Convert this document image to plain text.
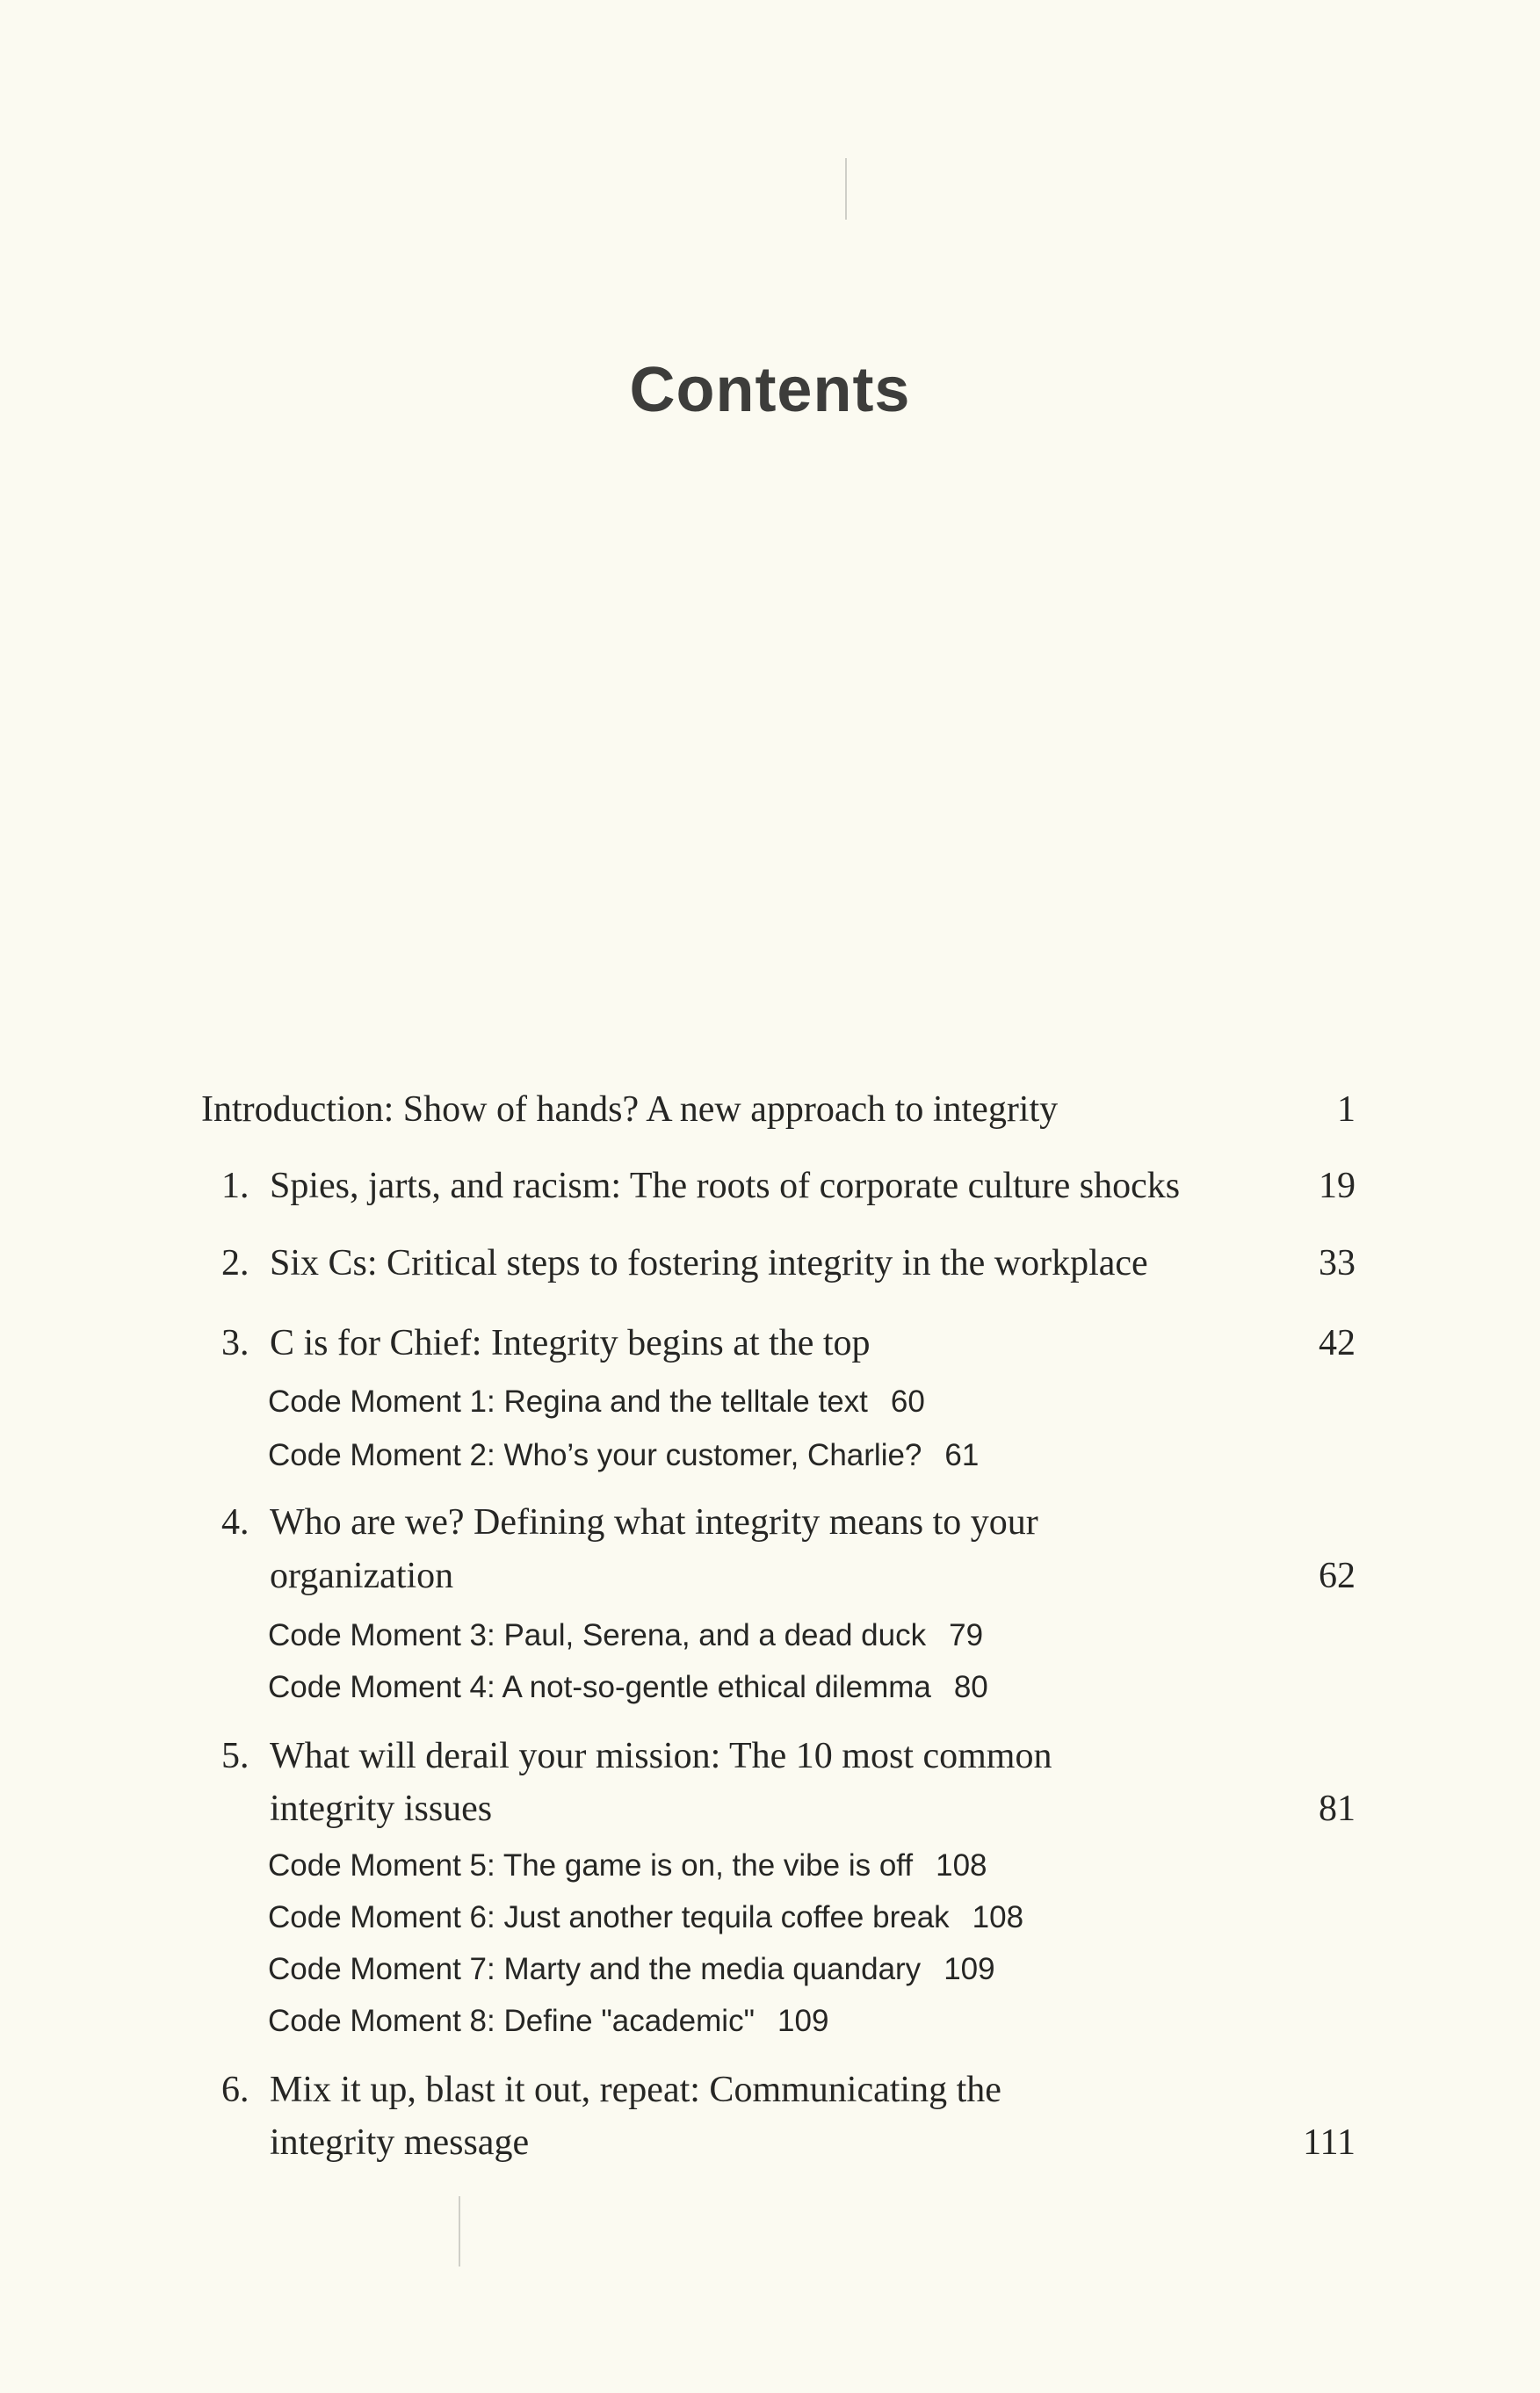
Contents
Introduction: Show of hands? A new approach to integrity	1
1. Spies, jarts, and racism: The roots of corporate culture shocks	19
2. Six Cs: Critical steps to fostering integrity in the workplace	33
3. C is for Chief: Integrity begins at the top	42
Code Moment 1: Regina and the telltale text 60
Code Moment 2: Who’s your customer, Charlie? 61
4. Who are we? Defining what integrity means to your
organization	62
Code Moment 3: Paul, Serena, and a dead duck 79
Code Moment 4: A not-so-gentle ethical dilemma 80
5. What will derail your mission: The 10 most common
integrity issues	81
Code Moment 5: The game is on, the vibe is off 108
Code Moment 6: Just another tequila coffee break 108
Code Moment 7: Marty and the media quandary 109
Code Moment 8: Define "academic" 109
6. Mix it up, blast it out, repeat: Communicating the
integrity message	111
